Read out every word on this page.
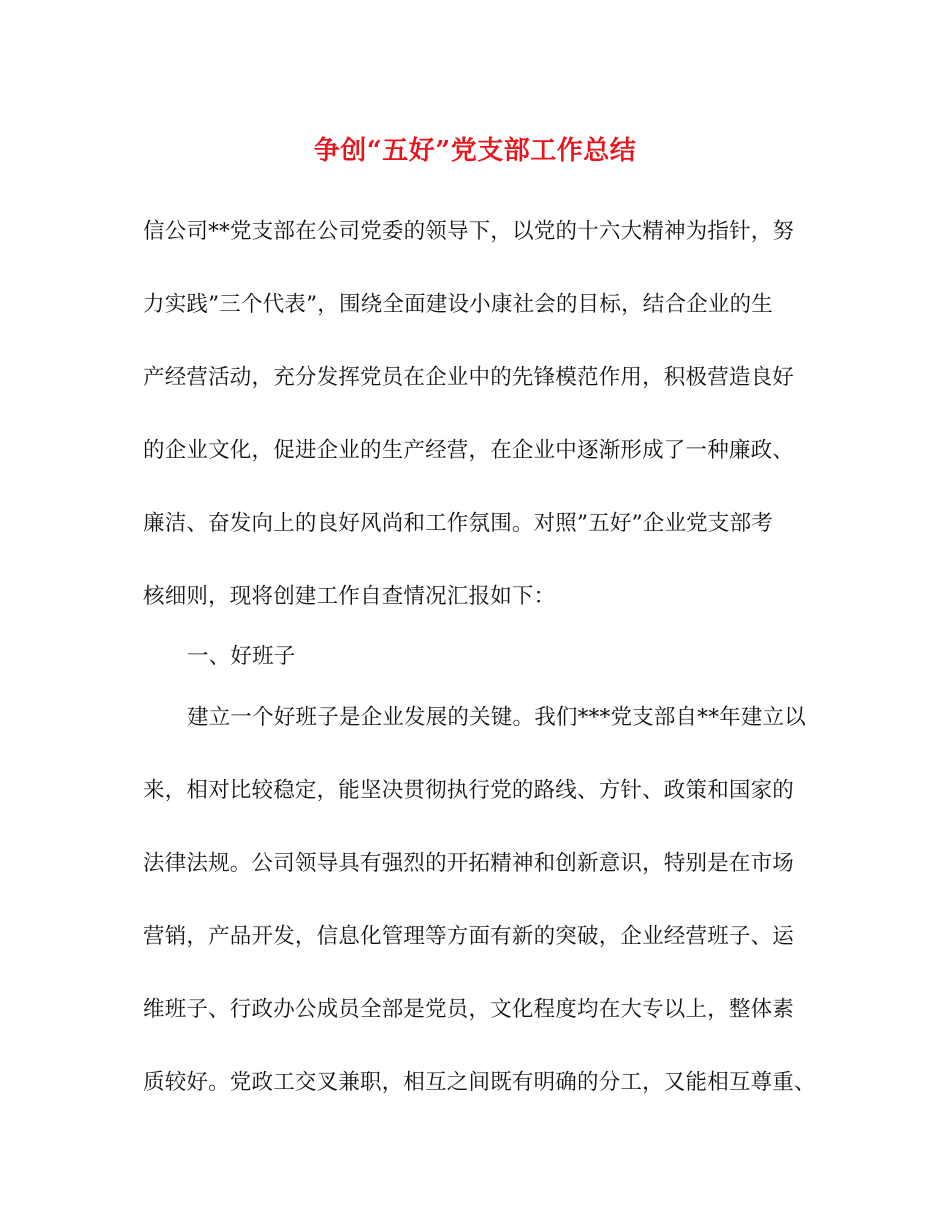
争创“五好”党支部工作总结
信公司**党支部在公司党委的领导下，以党的十六大精神为指针，努
力实践”三个代表”，围绕全面建设小康社会的目标，结合企业的生
产经营活动，充分发挥党员在企业中的先锋模范作用，积极营造良好
的企业文化，促进企业的生产经营，在企业中逐渐形成了一种廉政、
廉洁、奋发向上的良好风尚和工作氛围。对照”五好”企业党支部考
核细则，现将创建工作自查情况汇报如下：
一、好班子
建立一个好班子是企业发展的关键。我们***党支部自**年建立以
来，相对比较稳定，能坚决贯彻执行党的路线、方针、政策和国家的
法律法规。公司领导具有强烈的开拓精神和创新意识，特别是在市场
营销，产品开发，信息化管理等方面有新的突破，企业经营班子、运
维班子、行政办公成员全部是党员，文化程度均在大专以上，整体素
质较好。党政工交叉兼职，相互之间既有明确的分工，又能相互尊重、
